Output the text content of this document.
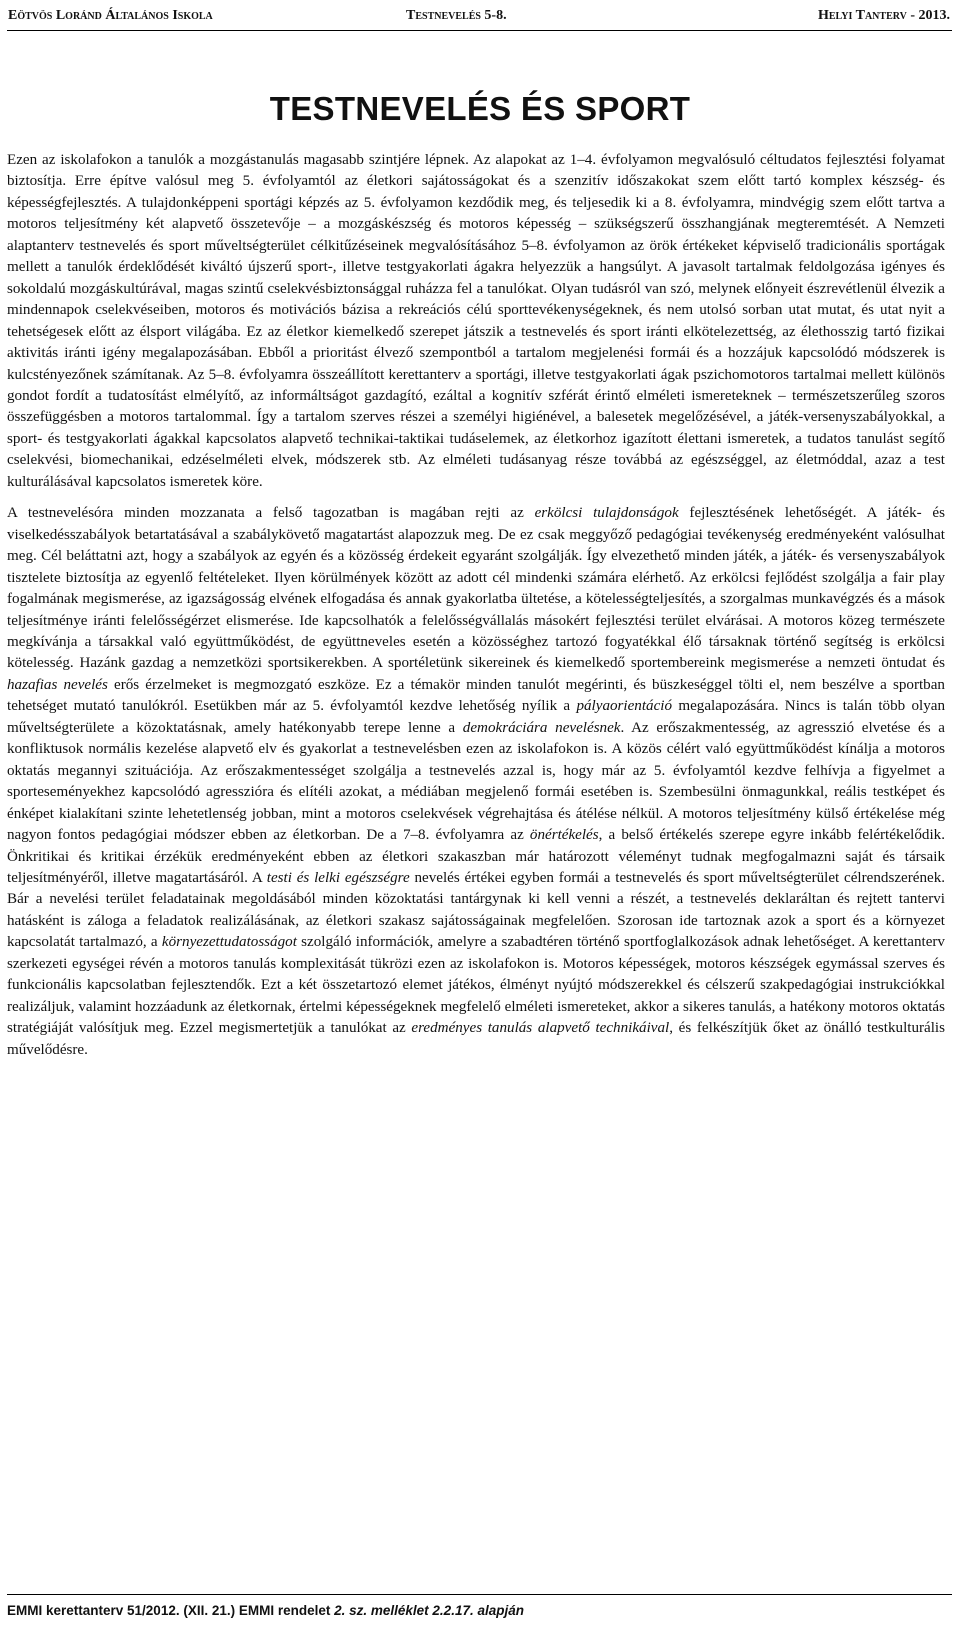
Eötvös Loránd Általános Iskola	Testnevelés 5-8.	Helyi Tanterv - 2013.
TESTNEVELÉS ÉS SPORT

Ezen az iskolafokon a tanulók a mozgástanulás magasabb szintjére lépnek. Az alapokat az 1–4. évfolyamon megvalósuló céltudatos fejlesztési folyamat biztosítja. Erre építve valósul meg 5. évfolyamtól az életkori sajátosságokat és a szenzitív időszakokat szem előtt tartó komplex készség- és képességfejlesztés. A tulajdonképpeni sportági képzés az 5. évfolyamon kezdődik meg, és teljesedik ki a 8. évfolyamra, mindvégig szem előtt tartva a motoros teljesítmény két alapvető összetevője – a mozgáskészség és motoros képesség – szükségszerű összhangjának megteremtését. A Nemzeti alaptanterv testnevelés és sport műveltségterület célkitűzéseinek megvalósításához 5–8. évfolyamon az örök értékeket képviselő tradicionális sportágak mellett a tanulók érdeklődését kiváltó újszerű sport-, illetve testgyakorlati ágakra helyezzük a hangsúlyt. A javasolt tartalmak feldolgozása igényes és sokoldalú mozgáskultúrával, magas szintű cselekvésbiztonsággal ruházza fel a tanulókat. Olyan tudásról van szó, melynek előnyeit észrevétlenül élvezik a mindennapok cselekvéseiben, motoros és motivációs bázisa a rekreációs célú sporttevékenységeknek, és nem utolsó sorban utat mutat, és utat nyit a tehetségesek előtt az élsport világába. Ez az életkor kiemelkedő szerepet játszik a testnevelés és sport iránti elkötelezettség, az élethosszig tartó fizikai aktivitás iránti igény megalapozásában. Ebből a prioritást élvező szempontból a tartalom megjelenési formái és a hozzájuk kapcsolódó módszerek is kulcstényezőnek számítanak. Az 5–8. évfolyamra összeállított kerettanterv a sportági, illetve testgyakorlati ágak pszichomotoros tartalmai mellett különös gondot fordít a tudatosítást elmélyítő, az informáltságot gazdagító, ezáltal a kognitív szférát érintő elméleti ismereteknek – természetszerűleg szoros összefüggésben a motoros tartalommal. Így a tartalom szerves részei a személyi higiénével, a balesetek megelőzésével, a játék-versenyszabályokkal, a sport- és testgyakorlati ágakkal kapcsolatos alapvető technikai-taktikai tudáselemek, az életkorhoz igazított élettani ismeretek, a tudatos tanulást segítő cselekvési, biomechanikai, edzéselméleti elvek, módszerek stb. Az elméleti tudásanyag része továbbá az egészséggel, az életmóddal, azaz a test kulturálásával kapcsolatos ismeretek köre.

A testnevelésóra minden mozzanata a felső tagozatban is magában rejti az erkölcsi tulajdonságok fejlesztésének lehetőségét. A játék- és viselkedésszabályok betartatásával a szabálykövető magatartást alapozzuk meg. De ez csak meggyőző pedagógiai tevékenység eredményeként valósulhat meg. Cél beláttatni azt, hogy a szabályok az egyén és a közösség érdekeit egyaránt szolgálják. Így elvezethető minden játék, a játék- és versenyszabályok tisztelete biztosítja az egyenlő feltételeket. Ilyen körülmények között az adott cél mindenki számára elérhető. Az erkölcsi fejlődést szolgálja a fair play fogalmának megismerése, az igazságosság elvének elfogadása és annak gyakorlatba ültetése, a kötelességteljesítés, a szorgalmas munkavégzés és a mások teljesítménye iránti felelősségérzet elismerése. Ide kapcsolhatók a felelősségvállalás másokért fejlesztési terület elvárásai. A motoros közeg természete megkívánja a társakkal való együttműködést, de együttneveles esetén a közösséghez tartozó fogyatékkal élő társaknak történő segítség is erkölcsi kötelesség. Hazánk gazdag a nemzetközi sportsikerekben. A sportéletünk sikereinek és kiemelkedő sportembereink megismerése a nemzeti öntudat és hazafias nevelés erős érzelmeket is megmozgató eszköze. Ez a témakör minden tanulót megérinti, és büszkeséggel tölti el, nem beszélve a sportban tehetséget mutató tanulókról. Esetükben már az 5. évfolyamtól kezdve lehetőség nyílik a pályaorientáció megalapozására. Nincs is talán több olyan műveltségterülete a közoktatásnak, amely hatékonyabb terepe lenne a demokráciára nevelésnek. Az erőszakmentesség, az agresszió elvetése és a konfliktusok normális kezelése alapvető elv és gyakorlat a testnevelésben ezen az iskolafokon is. A közös célért való együttműködést kínálja a motoros oktatás megannyi szituációja. Az erőszakmentességet szolgálja a testnevelés azzal is, hogy már az 5. évfolyamtól kezdve felhívja a figyelmet a sporteseményekhez kapcsolódó agresszióra és elítéli azokat, a médiában megjelenő formái esetében is. Szembesülni önmagunkkal, reális testképet és énképet kialakítani szinte lehetetlenség jobban, mint a motoros cselekvések végrehajtása és átélése nélkül. A motoros teljesítmény külső értékelése még nagyon fontos pedagógiai módszer ebben az életkorban. De a 7–8. évfolyamra az önértékelés, a belső értékelés szerepe egyre inkább felértékelődik. Önkritikai és kritikai érzékük eredményeként ebben az életkori szakaszban már határozott véleményt tudnak megfogalmazni saját és társaik teljesítményéről, illetve magatartásáról. A testi és lelki egészségre nevelés értékei egyben formái a testnevelés és sport műveltségterület célrendszerének. Bár a nevelési terület feladatainak megoldásából minden közoktatási tantárgynak ki kell venni a részét, a testnevelés deklaráltan és rejtett tantervi hatásként is záloga a feladatok realizálásának, az életkori szakasz sajátosságainak megfelelően. Szorosan ide tartoznak azok a sport és a környezet kapcsolatát tartalmazó, a környezettudatosságot szolgáló információk, amelyre a szabadtéren történő sportfoglalkozások adnak lehetőséget. A kerettanterv szerkezeti egységei révén a motoros tanulás komplexitását tükrözi ezen az iskolafokon is. Motoros képességek, motoros készségek egymással szerves és funkcionális kapcsolatban fejlesztendők. Ezt a két összetartozó elemet játékos, élményt nyújtó módszerekkel és célszerű szakpedagógiai instrukciókkal realizáljuk, valamint hozzáadunk az életkornak, értelmi képességeknek megfelelő elméleti ismereteket, akkor a sikeres tanulás, a hatékony motoros oktatás stratégiáját valósítjuk meg. Ezzel megismertetjük a tanulókat az eredményes tanulás alapvető technikáival, és felkészítjük őket az önálló testkulturális művelődésre.

EMMI kerettanterv 51/2012. (XII. 21.) EMMI rendelet 2. sz. melléklet 2.2.17. alapján
